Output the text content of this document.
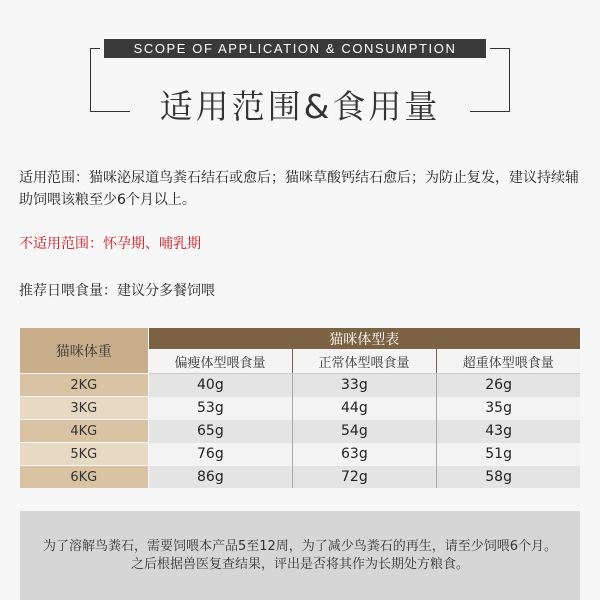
SCOPE OF APPLICATION & CONSUMPTION
适用范围&食用量
适用范围：猫咪泌尿道鸟粪石结石或愈后；猫咪草酸钙结石愈后；为防止复发，建议持续辅助饲喂该粮至少6个月以上。
不适用范围：怀孕期、哺乳期
推荐日喂食量：建议分多餐饲喂
猫咪体重	猫咪体型表		
	偏瘦体型喂食量	正常体型喂食量	超重体型喂食量
2KG	40g	33g	26g
3KG	53g	44g	35g
4KG	65g	54g	43g
5KG	76g	63g	51g
6KG	86g	72g	58g
为了溶解鸟粪石，需要饲喂本产品5至12周，为了减少鸟粪石的再生，请至少饲喂6个月。
之后根据兽医复查结果，评出是否将其作为长期处方粮食。
